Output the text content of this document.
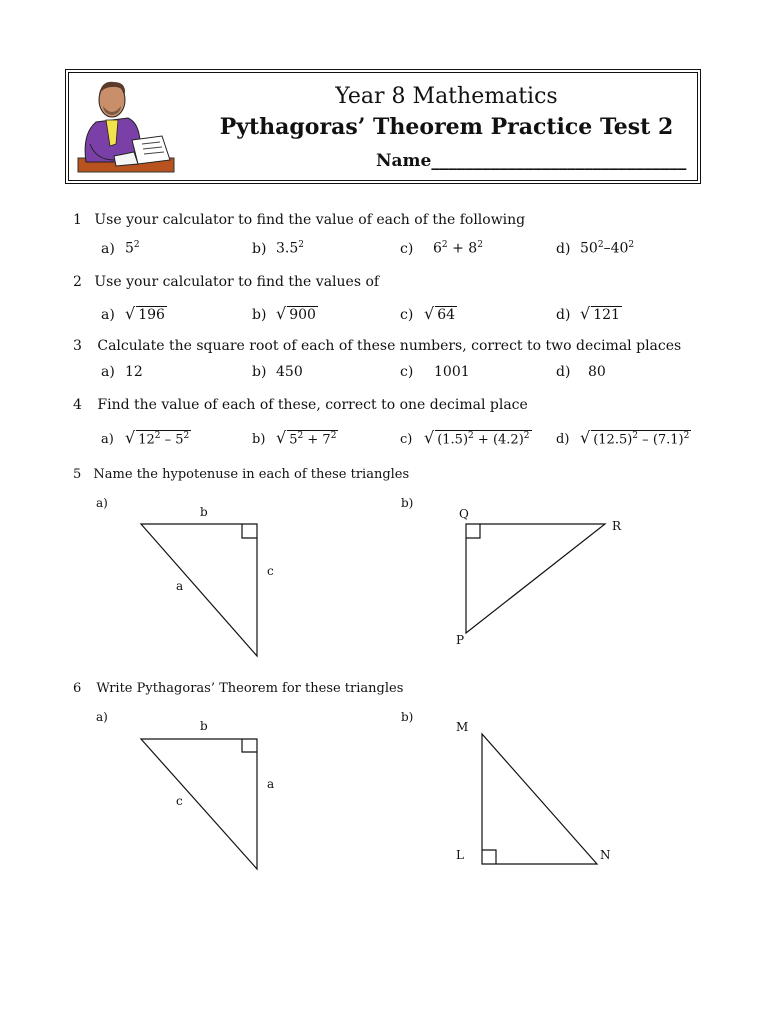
Year 8 Mathematics
Pythagoras’ Theorem Practice Test 2
Name______________________________
1 Use your calculator to find the value of each of the following
a) $5^2$	b) $3.5^2$	c) $6^2 + 8^2$	d) $50^2-40^2$
2 Use your calculator to find the values of
a) √ 196	b) √ 900	c) √ 64	d) √ 121
3 Calculate the square root of each of these numbers, correct to two decimal places
a) 12	b) 450	c) 1001	d) 80
4 Find the value of each of these, correct to one decimal place
a) √ $12^2 - 5^2$	b) √ $5^2 + 7^2$	c) √ $(1.5)^2 + (4.2)^2$ d) √ $(12.5)^2 - (7.1)^2$
5 Name the hypotenuse in each of these triangles
a)	b)
b
c
a
Q
R
P
6 Write Pythagoras’ Theorem for these triangles
a)	b)
b
a
c
M
L	N
